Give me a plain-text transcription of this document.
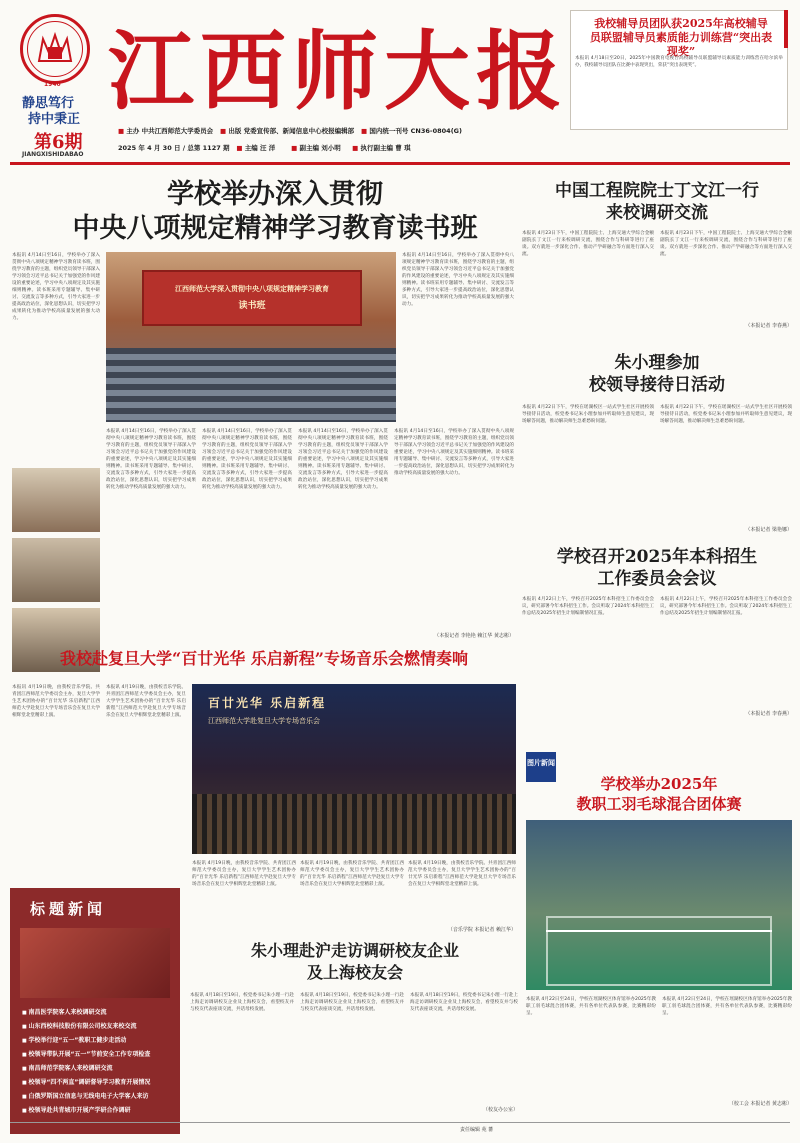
1940
静思笃行
持中秉正
第6期
JIANGXISHIDABAO
江西师大报	我校辅导员团队获2025年高校辅导员联盟辅导员素质能力训练营“突出表现奖”
本报讯 4月18日至20日，2025年中国教育电视台高校辅导员联盟辅导员素质能力训练营在哈尔滨举办，我校辅导员团队在比赛中表现突出，荣获“突出表现奖”。
■ 主办 中共江西师范大学委员会 ■ 出版 党委宣传部、新闻信息中心校报编辑部 ■ 国内统一刊号 CN36-0804(G)
2025 年 4 月 30 日 / 总第 1127 期 ■ 主编 汪 洋 ■ 副主编 刘小明 ■ 执行副主编 曹 琪
学校举办深入贯彻
中央八项规定精神学习教育读书班
本报讯 4月14日至16日，学校举办了深入贯彻中央八项规定精神学习教育读书班，围绕学习教育的主题，组织党员领导干部深入学习领会习近平总书记关于加强党的作风建设的重要论述，学习中央八项规定及其实施细则精神。读书班采用专题辅导、集中研讨、交流发言等多种方式，引导大家进一步提高政治站位，深化思想认识，切实把学习成果转化为推动学校高质量发展的强大动力。
江西师范大学深入贯彻中央八项规定精神学习教育
读书班
本报讯 4月14日至16日，学校举办了深入贯彻中央八项规定精神学习教育读书班，围绕学习教育的主题，组织党员领导干部深入学习领会习近平总书记关于加强党的作风建设的重要论述，学习中央八项规定及其实施细则精神。读书班采用专题辅导、集中研讨、交流发言等多种方式，引导大家进一步提高政治站位，深化思想认识，切实把学习成果转化为推动学校高质量发展的强大动力。
本报讯 4月14日至16日，学校举办了深入贯彻中央八项规定精神学习教育读书班，围绕学习教育的主题，组织党员领导干部深入学习领会习近平总书记关于加强党的作风建设的重要论述，学习中央八项规定及其实施细则精神。读书班采用专题辅导、集中研讨、交流发言等多种方式，引导大家进一步提高政治站位，深化思想认识，切实把学习成果转化为推动学校高质量发展的强大动力。
本报讯 4月14日至16日，学校举办了深入贯彻中央八项规定精神学习教育读书班，围绕学习教育的主题，组织党员领导干部深入学习领会习近平总书记关于加强党的作风建设的重要论述，学习中央八项规定及其实施细则精神。读书班采用专题辅导、集中研讨、交流发言等多种方式，引导大家进一步提高政治站位，深化思想认识，切实把学习成果转化为推动学校高质量发展的强大动力。
本报讯 4月14日至16日，学校举办了深入贯彻中央八项规定精神学习教育读书班，围绕学习教育的主题，组织党员领导干部深入学习领会习近平总书记关于加强党的作风建设的重要论述，学习中央八项规定及其实施细则精神。读书班采用专题辅导、集中研讨、交流发言等多种方式，引导大家进一步提高政治站位，深化思想认识，切实把学习成果转化为推动学校高质量发展的强大动力。
本报讯 4月14日至16日，学校举办了深入贯彻中央八项规定精神学习教育读书班，围绕学习教育的主题，组织党员领导干部深入学习领会习近平总书记关于加强党的作风建设的重要论述，学习中央八项规定及其实施细则精神。读书班采用专题辅导、集中研讨、交流发言等多种方式，引导大家进一步提高政治站位，深化思想认识，切实把学习成果转化为推动学校高质量发展的强大动力。
（本报记者 李艳艳 赖江华 黄志彬）
中国工程院院士丁文江一行
来校调研交流
本报讯 4月23日下午，中国工程院院士、上海交通大学综合金额副院长丁文江一行来校调研交流，围绕合作与科研等进行了座谈。双方就进一步深化合作、推动产学研融合等方面进行深入交流。
本报讯 4月23日下午，中国工程院院士、上海交通大学综合金额副院长丁文江一行来校调研交流，围绕合作与科研等进行了座谈。双方就进一步深化合作、推动产学研融合等方面进行深入交流。
（本报记者 李春燕）
朱小理参加
校领导接待日活动
本报讯 4月22日下午，学校在瑶湖校区一站式学生社区开展校领导接待日活动，校党委书记朱小理参加并听取师生意见建议，现场解答问题，推动解决师生急难愁盼问题。
本报讯 4月22日下午，学校在瑶湖校区一站式学生社区开展校领导接待日活动，校党委书记朱小理参加并听取师生意见建议，现场解答问题，推动解决师生急难愁盼问题。
（本报记者 梁艳娜）
学校召开2025年本科招生
工作委员会会议
本报讯 4月22日上午，学校召开2025年本科招生工作委员会会议，研究部署今年本科招生工作。会议听取了2024年本科招生工作总结及2025年招生计划编制情况汇报。
本报讯 4月22日上午，学校召开2025年本科招生工作委员会会议，研究部署今年本科招生工作。会议听取了2024年本科招生工作总结及2025年招生计划编制情况汇报。
（本报记者 李春燕）
我校赴复旦大学“百廿光华 乐启新程”专场音乐会燃情奏响
本报讯 4月19日晚，由我校音乐学院、共青团江西师范大学委员会主办，复旦大学学生艺术团协办的“百廿光华 乐启新程”江西师范大学赴复旦大学专场音乐会在复旦大学相辉堂北堂精彩上演。
本报讯 4月19日晚，由我校音乐学院、共青团江西师范大学委员会主办，复旦大学学生艺术团协办的“百廿光华 乐启新程”江西师范大学赴复旦大学专场音乐会在复旦大学相辉堂北堂精彩上演。
百廿光华 乐启新程
江西师范大学赴复旦大学专场音乐会
本报讯 4月19日晚，由我校音乐学院、共青团江西师范大学委员会主办，复旦大学学生艺术团协办的“百廿光华 乐启新程”江西师范大学赴复旦大学专场音乐会在复旦大学相辉堂北堂精彩上演。
本报讯 4月19日晚，由我校音乐学院、共青团江西师范大学委员会主办，复旦大学学生艺术团协办的“百廿光华 乐启新程”江西师范大学赴复旦大学专场音乐会在复旦大学相辉堂北堂精彩上演。
本报讯 4月19日晚，由我校音乐学院、共青团江西师范大学委员会主办，复旦大学学生艺术团协办的“百廿光华 乐启新程”江西师范大学赴复旦大学专场音乐会在复旦大学相辉堂北堂精彩上演。
（音乐学院 本报记者 赖江华）
标题新闻
■ 南昌医学院客人来校调研交流
■ 山东西校科技股份有限公司校友来校交流
■ 学校举行迎“五一”教职工健步走活动
■ 校领导带队开展“五一”节前安全工作专项检查
■ 南昌师范学院客人来校调研交流
■ 校领导“四不两直”调研督导学习教育开展情况
■ 白俄罗斯国立信息与无线电电子大学客人来访
■ 校领导赴共青城市开展产学研合作调研
朱小理赴沪走访调研校友企业
及上海校友会
本报讯 4月18日至19日，校党委书记朱小理一行赴上海走访调研校友企业及上海校友会，看望校友并与校友代表座谈交流，共话母校发展。
本报讯 4月18日至19日，校党委书记朱小理一行赴上海走访调研校友企业及上海校友会，看望校友并与校友代表座谈交流，共话母校发展。
本报讯 4月18日至19日，校党委书记朱小理一行赴上海走访调研校友企业及上海校友会，看望校友并与校友代表座谈交流，共话母校发展。
（校友办公室）
图片新闻
学校举办2025年
教职工羽毛球混合团体赛
本报讯 4月22日至24日，学校在瑶湖校区体育馆举办2025年教职工羽毛球混合团体赛，共有各单位代表队参赛，比赛精彩纷呈。
本报讯 4月22日至24日，学校在瑶湖校区体育馆举办2025年教职工羽毛球混合团体赛，共有各单位代表队参赛，比赛精彩纷呈。
（校工会 本报记者 黄志彬）
责任编辑 苑 蕃
